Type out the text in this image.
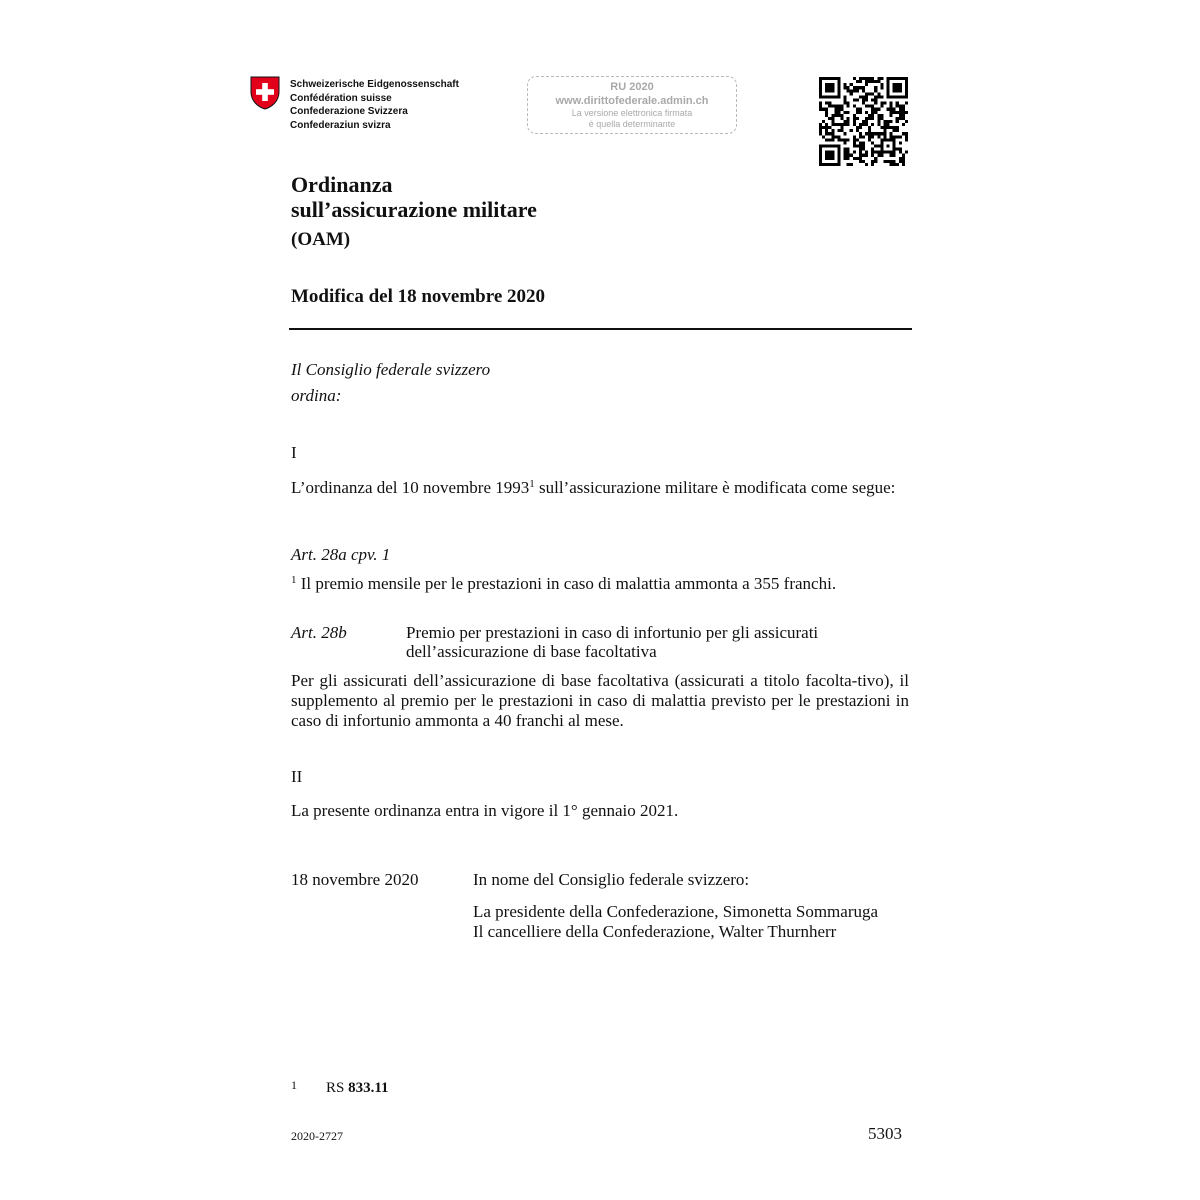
Schweizerische Eidgenossenschaft
Confédération suisse
Confederazione Svizzera
Confederaziun svizra
RU 2020
www.dirittofederale.admin.ch
La versione elettronica firmata
è quella determinante
Ordinanza
sull’assicurazione militare
(OAM)
Modifica del 18 novembre 2020
Il Consiglio federale svizzero
ordina:
I
L’ordinanza del 10 novembre 1993$^1$ sull’assicurazione militare è modificata come segue:
Art. 28a cpv. 1
$^1$ Il premio mensile per le prestazioni in caso di malattia ammonta a 355 franchi.
Art. 28b	Premio per prestazioni in caso di infortunio per gli assicurati
dell’assicurazione di base facoltativa
Per gli assicurati dell’assicurazione di base facoltativa (assicurati a titolo facolta-tivo), il supplemento al premio per le prestazioni in caso di malattia previsto per le prestazioni in caso di infortunio ammonta a 40 franchi al mese.
II
La presente ordinanza entra in vigore il 1° gennaio 2021.
18 novembre 2020	In nome del Consiglio federale svizzero:
La presidente della Confederazione, Simonetta Sommaruga
Il cancelliere della Confederazione, Walter Thurnherr
1 RS 833.11
2020-2727	5303
